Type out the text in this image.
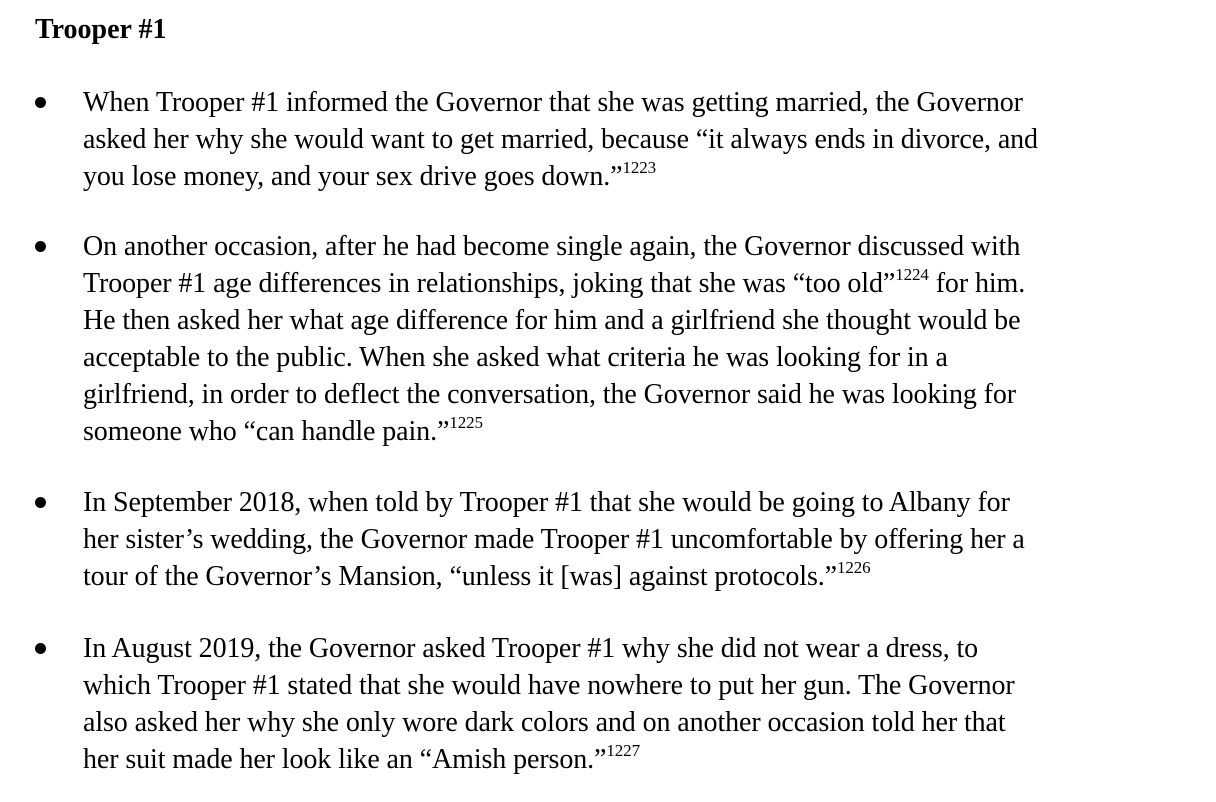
Trooper #1
When Trooper #1 informed the Governor that she was getting married, the Governor
asked her why she would want to get married, because “it always ends in divorce, and
you lose money, and your sex drive goes down.”$^{1223}$
On another occasion, after he had become single again, the Governor discussed with
Trooper #1 age differences in relationships, joking that she was “too old”$^{1224}$ for him.
He then asked her what age difference for him and a girlfriend she thought would be
acceptable to the public. When she asked what criteria he was looking for in a
girlfriend, in order to deflect the conversation, the Governor said he was looking for
someone who “can handle pain.”$^{1225}$
In September 2018, when told by Trooper #1 that she would be going to Albany for
her sister’s wedding, the Governor made Trooper #1 uncomfortable by offering her a
tour of the Governor’s Mansion, “unless it [was] against protocols.”$^{1226}$
In August 2019, the Governor asked Trooper #1 why she did not wear a dress, to
which Trooper #1 stated that she would have nowhere to put her gun. The Governor
also asked her why she only wore dark colors and on another occasion told her that
her suit made her look like an “Amish person.”$^{1227}$
